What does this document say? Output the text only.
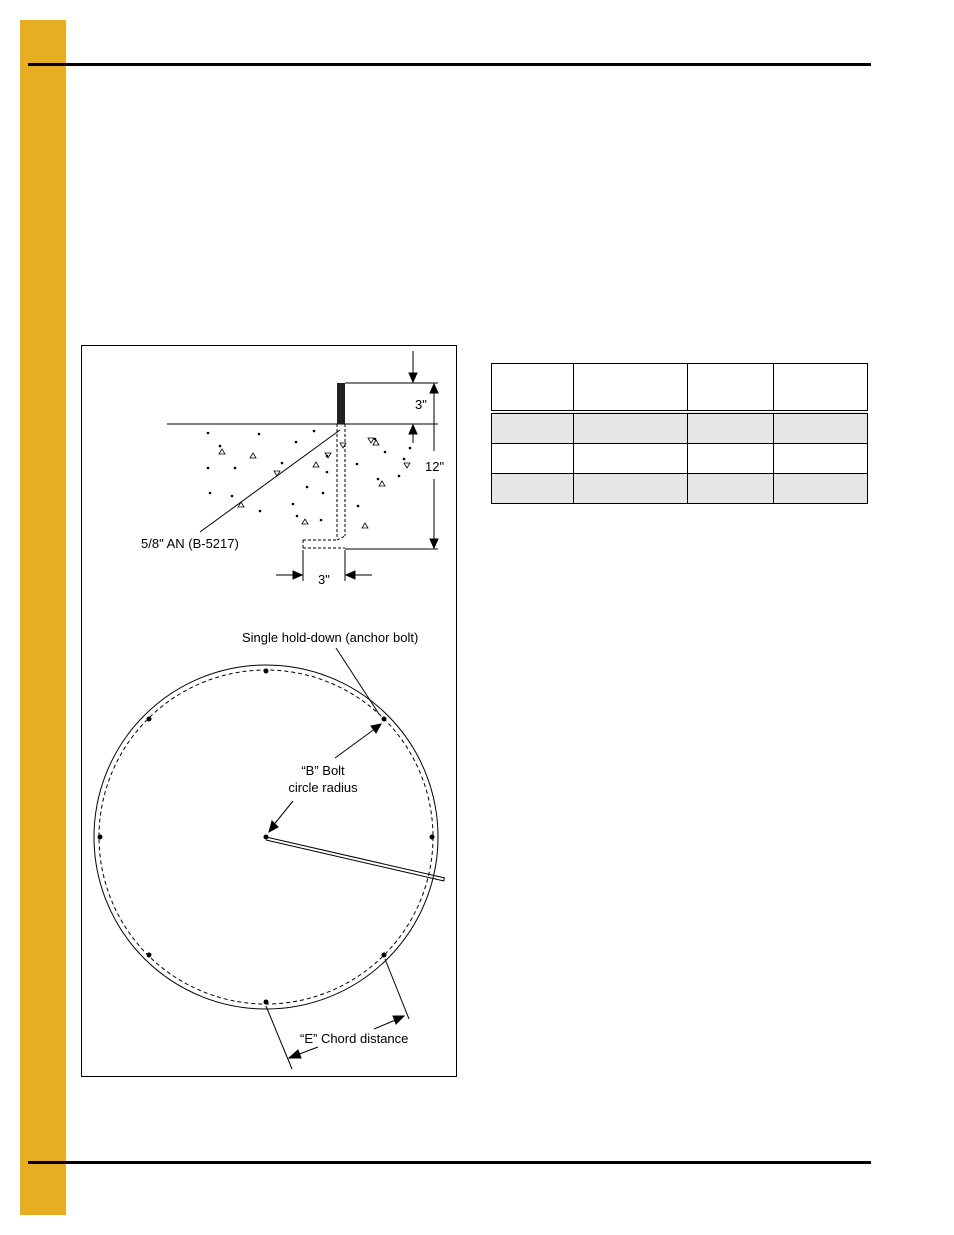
5/8" AN (B-5217)
3"
12"
3"
Single hold-down (anchor bolt)
“B” Bolt
circle radius
“E” Chord distance
